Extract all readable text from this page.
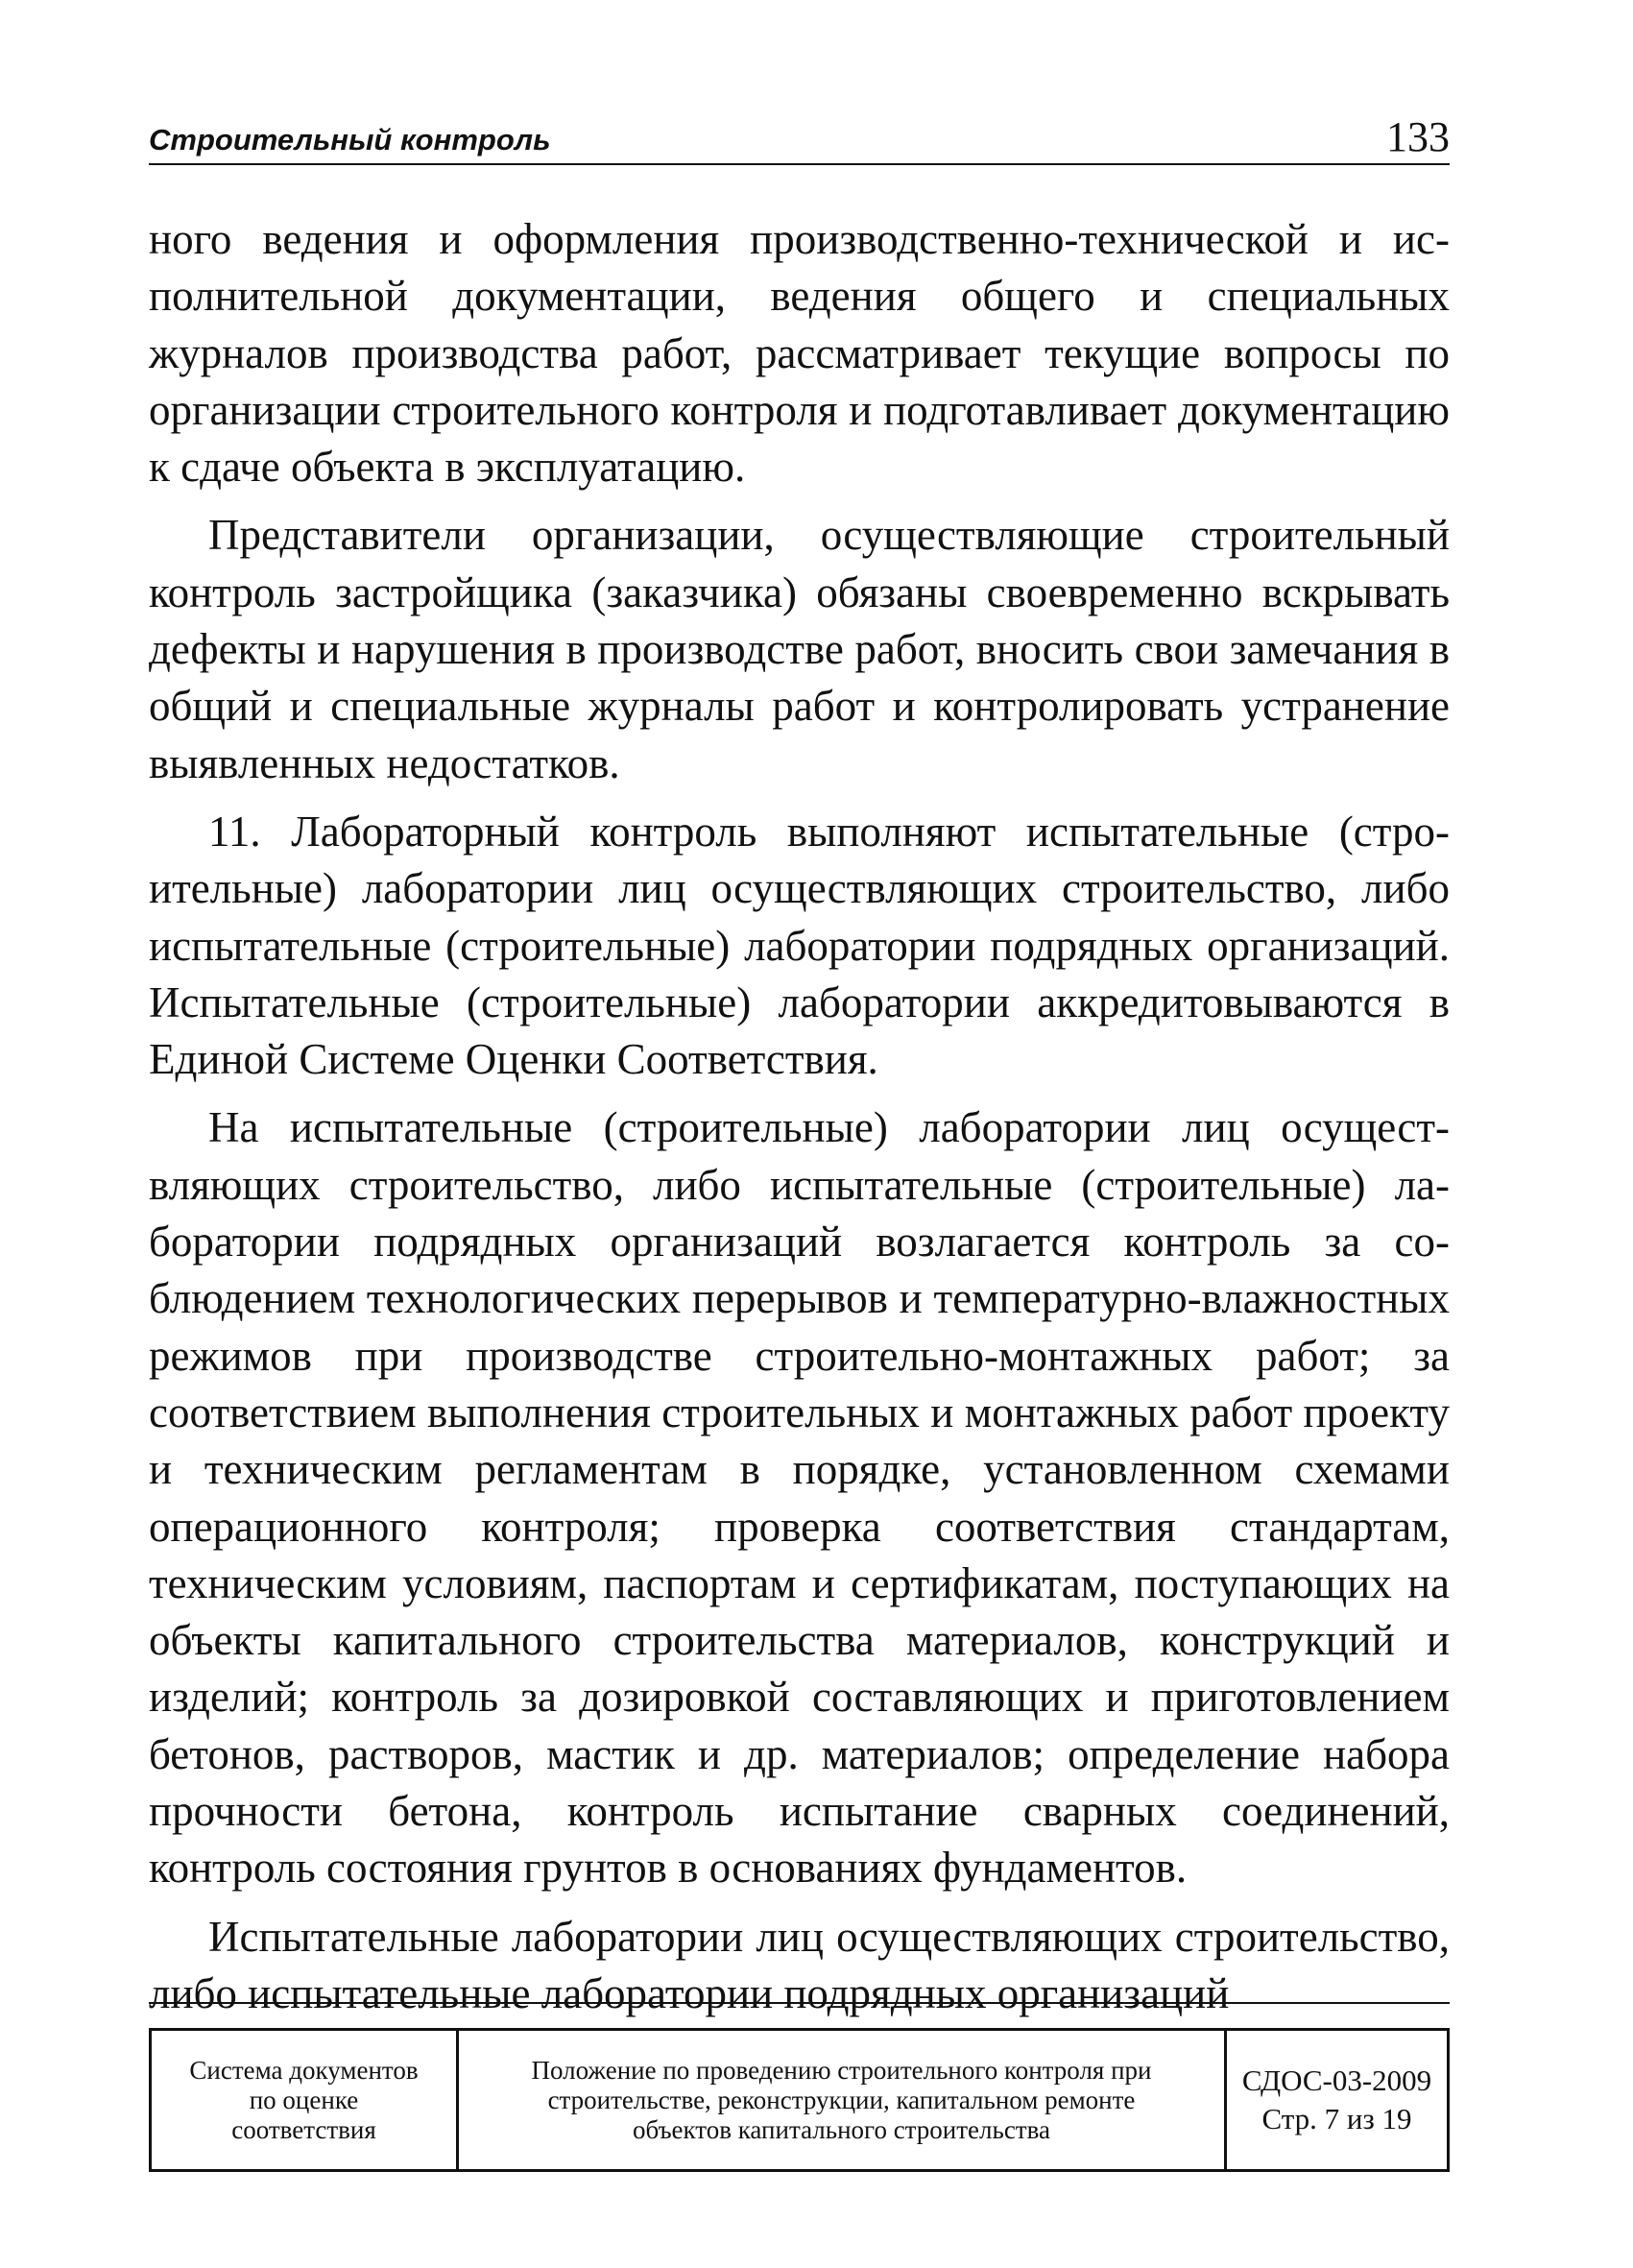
Строительный контроль	133

ного ведения и оформления производственно-технической и исполнительной документации, ведения общего и специальных журналов производства работ, рассматривает текущие вопросы по организации строительного контроля и подготавливает документацию к сдаче объекта в эксплуатацию.

Представители организации, осуществляющие строительный контроль застройщика (заказчика) обязаны своевременно вскрывать дефекты и нарушения в производстве работ, вносить свои замечания в общий и специальные журналы работ и контролировать устранение выявленных недостатков.

11. Лабораторный контроль выполняют испытательные (строительные) лаборатории лиц осуществляющих строительство, либо испытательные (строительные) лаборатории подрядных организаций. Испытательные (строительные) лаборатории аккредитовываются в Единой Системе Оценки Соответствия.

На испытательные (строительные) лаборатории лиц осуществляющих строительство, либо испытательные (строительные) лаборатории подрядных организаций возлагается контроль за соблюдением технологических перерывов и температурно-влажностных режимов при производстве строительно-монтажных работ; за соответствием выполнения строительных и монтажных работ проекту и техническим регламентам в порядке, установленном схемами операционного контроля; проверка соответствия стандартам, техническим условиям, паспортам и сертификатам, поступающих на объекты капитального строительства материалов, конструкций и изделий; контроль за дозировкой составляющих и приготовлением бетонов, растворов, мастик и др. материалов; определение набора прочности бетона, контроль испытание сварных соединений, контроль состояния грунтов в основаниях фундаментов.

Испытательные лаборатории лиц осуществляющих строительство, либо испытательные лаборатории подрядных организаций

Система документов
по оценке
соответствия
Положение по проведению строительного контроля при
строительстве, реконструкции, капитальном ремонте
объектов капитального строительства
СДОС-03-2009
Стр. 7 из 19
